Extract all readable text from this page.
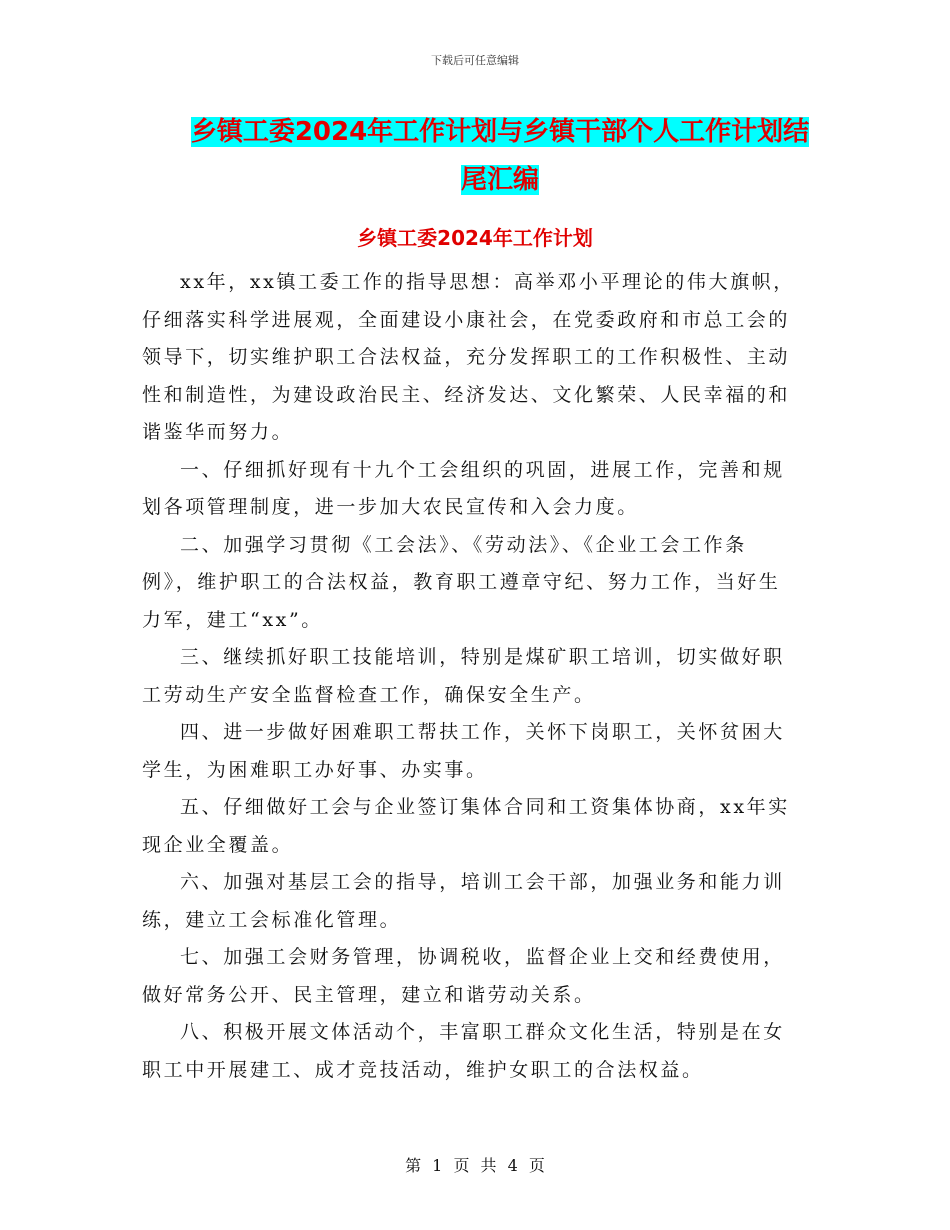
下载后可任意编辑
乡镇工委2024年工作计划与乡镇干部个人工作计划结尾汇编
乡镇工委2024年工作计划

xx年，xx镇工委工作的指导思想：高举邓小平理论的伟大旗帜，仔细落实科学进展观，全面建设小康社会，在党委政府和市总工会的领导下，切实维护职工合法权益，充分发挥职工的工作积极性、主动性和制造性，为建设政治民主、经济发达、文化繁荣、人民幸福的和谐鉴华而努力。

一、仔细抓好现有十九个工会组织的巩固，进展工作，完善和规划各项管理制度，进一步加大农民宣传和入会力度。

二、加强学习贯彻《工会法》、《劳动法》、《企业工会工作条例》，维护职工的合法权益，教育职工遵章守纪、努力工作，当好生力军，建工“xx”。

三、继续抓好职工技能培训，特别是煤矿职工培训，切实做好职工劳动生产安全监督检查工作，确保安全生产。

四、进一步做好困难职工帮扶工作，关怀下岗职工，关怀贫困大学生，为困难职工办好事、办实事。

五、仔细做好工会与企业签订集体合同和工资集体协商，xx年实现企业全覆盖。

六、加强对基层工会的指导，培训工会干部，加强业务和能力训练，建立工会标准化管理。

七、加强工会财务管理，协调税收，监督企业上交和经费使用，做好常务公开、民主管理，建立和谐劳动关系。

八、积极开展文体活动个，丰富职工群众文化生活，特别是在女职工中开展建工、成才竞技活动，维护女职工的合法权益。

第 1 页 共 4 页
